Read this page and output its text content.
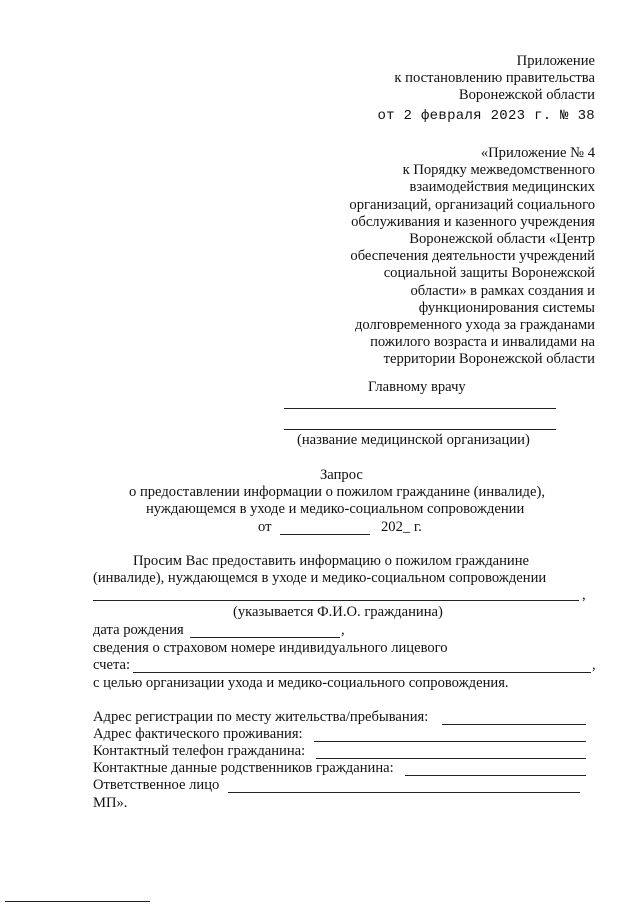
Приложение
к постановлению правительства
Воронежской области
от 2 февраля 2023 г. № 38
«Приложение № 4
к Порядку межведомственного
взаимодействия медицинских
организаций, организаций социального
обслуживания и казенного учреждения
Воронежской области «Центр
обеспечения деятельности учреждений
социальной защиты Воронежской
области» в рамках создания и
функционирования системы
долговременного ухода за гражданами
пожилого возраста и инвалидами на
территории Воронежской области
Главному врачу
(название медицинской организации)
Запрос
о предоставлении информации о пожилом гражданине (инвалиде),
нуждающемся в уходе и медико-социальном сопровождении
от	202_ г.
Просим Вас предоставить информацию о пожилом гражданине
(инвалиде), нуждающемся в уходе и медико-социальном сопровождении
,
(указывается Ф.И.О. гражданина)
дата рождения	,
сведения о страховом номере индивидуального лицевого
счета:	,
с целью организации ухода и медико-социального сопровождения.
Адрес регистрации по месту жительства/пребывания:
Адрес фактического проживания:
Контактный телефон гражданина:
Контактные данные родственников гражданина:
Ответственное лицо
МП».
